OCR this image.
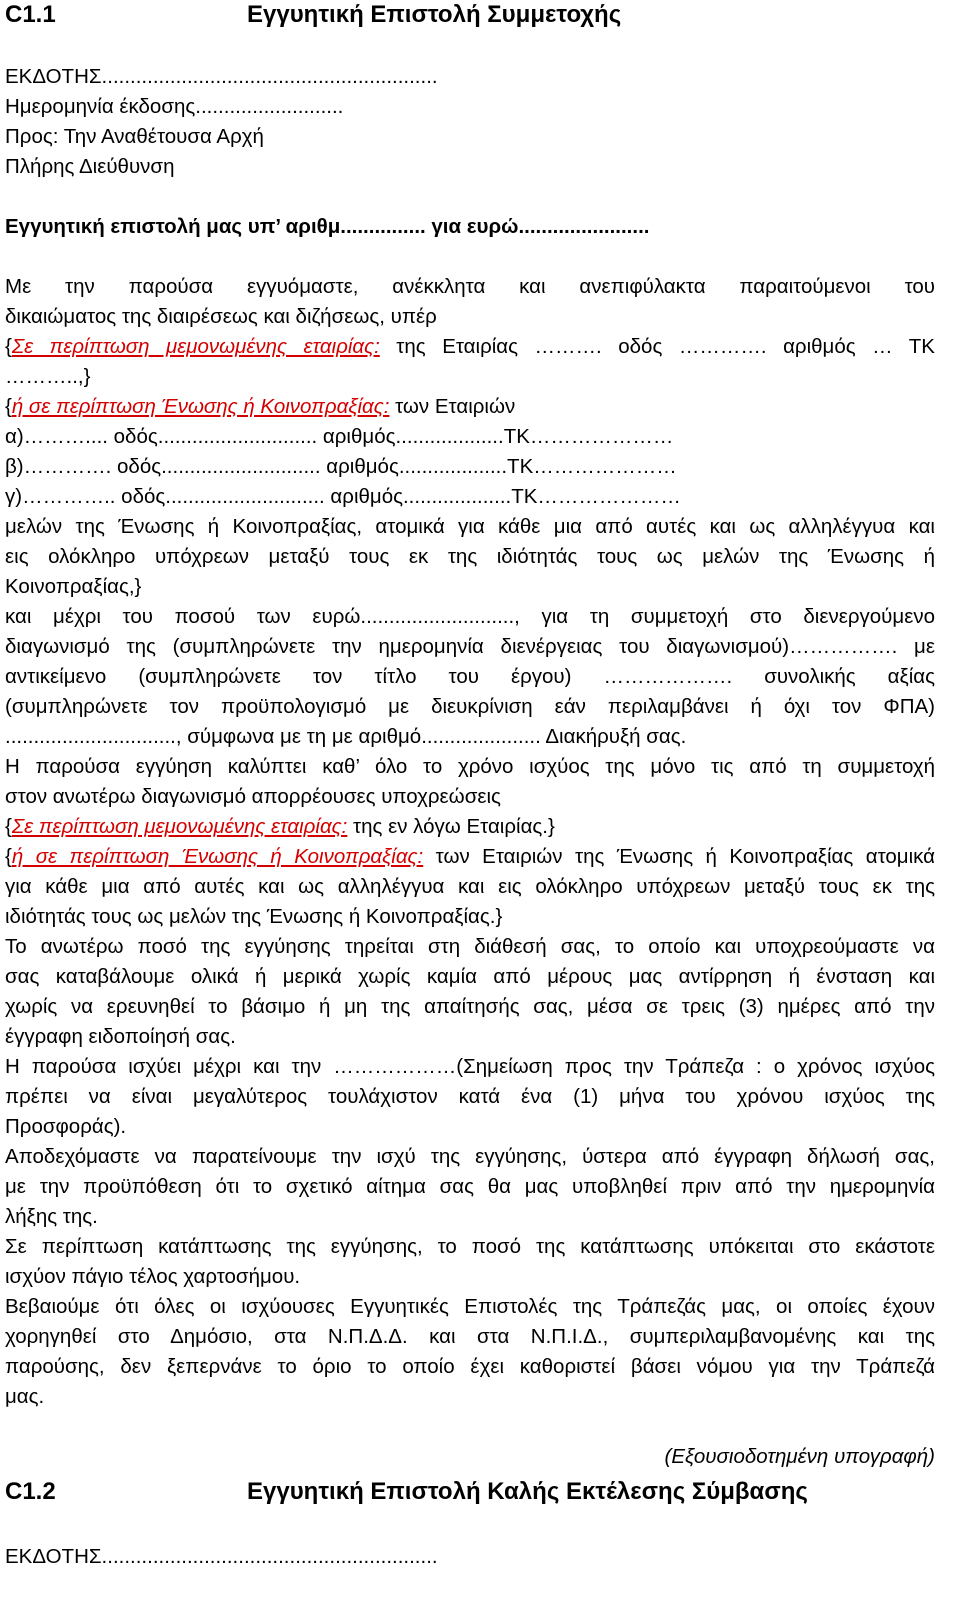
C1.1	Εγγυητική Επιστολή Συμμετοχής
ΕΚΔΟΤΗΣ...........................................................
Ημερομηνία έκδοσης..........................
Προς: Την Αναθέτουσα Αρχή
Πλήρης Διεύθυνση
Εγγυητική επιστολή μας υπ’ αριθμ............... για ευρώ.......................
Με την παρούσα εγγυόμαστε, ανέκκλητα και ανεπιφύλακτα παραιτούμενοι του
δικαιώματος της διαιρέσεως και διζήσεως, υπέρ
{Σε περίπτωση μεμονωμένης εταιρίας: της Εταιρίας ………. οδός …………. αριθμός … ΤΚ
………..,}
{ή σε περίπτωση Ένωσης ή Κοινοπραξίας: των Εταιριών
α)……….... οδός............................ αριθμός...................ΤΚ…………………
β)…………. οδός............................ αριθμός...................ΤΚ…………………
γ)………….. οδός............................ αριθμός...................ΤΚ…………………
μελών της Ένωσης ή Κοινοπραξίας, ατομικά για κάθε μια από αυτές και ως αλληλέγγυα και
εις ολόκληρο υπόχρεων μεταξύ τους εκ της ιδιότητάς τους ως μελών της Ένωσης ή
Κοινοπραξίας,}
και μέχρι του ποσού των ευρώ..........................., για τη συμμετοχή στο διενεργούμενο
διαγωνισμό της (συμπληρώνετε την ημερομηνία διενέργειας του διαγωνισμού)……………. με
αντικείμενο (συμπληρώνετε τον τίτλο του έργου) ………………. συνολικής αξίας
(συμπληρώνετε τον προϋπολογισμό με διευκρίνιση εάν περιλαμβάνει ή όχι τον ΦΠΑ)
.............................., σύμφωνα με τη με αριθμό..................... Διακήρυξή σας.
Η παρούσα εγγύηση καλύπτει καθ’ όλο το χρόνο ισχύος της μόνο τις από τη συμμετοχή
στον ανωτέρω διαγωνισμό απορρέουσες υποχρεώσεις
{Σε περίπτωση μεμονωμένης εταιρίας: της εν λόγω Εταιρίας.}
{ή σε περίπτωση Ένωσης ή Κοινοπραξίας: των Εταιριών της Ένωσης ή Κοινοπραξίας ατομικά
για κάθε μια από αυτές και ως αλληλέγγυα και εις ολόκληρο υπόχρεων μεταξύ τους εκ της
ιδιότητάς τους ως μελών της Ένωσης ή Κοινοπραξίας.}
Το ανωτέρω ποσό της εγγύησης τηρείται στη διάθεσή σας, το οποίο και υποχρεούμαστε να
σας καταβάλουμε ολικά ή μερικά χωρίς καμία από μέρους μας αντίρρηση ή ένσταση και
χωρίς να ερευνηθεί το βάσιμο ή μη της απαίτησής σας, μέσα σε τρεις (3) ημέρες από την
έγγραφη ειδοποίησή σας.
Η παρούσα ισχύει μέχρι και την ………………(Σημείωση προς την Τράπεζα : ο χρόνος ισχύος
πρέπει να είναι μεγαλύτερος τουλάχιστον κατά ένα (1) μήνα του χρόνου ισχύος της
Προσφοράς).
Αποδεχόμαστε να παρατείνουμε την ισχύ της εγγύησης, ύστερα από έγγραφη δήλωσή σας,
με την προϋπόθεση ότι το σχετικό αίτημα σας θα μας υποβληθεί πριν από την ημερομηνία
λήξης της.
Σε περίπτωση κατάπτωσης της εγγύησης, το ποσό της κατάπτωσης υπόκειται στο εκάστοτε
ισχύον πάγιο τέλος χαρτοσήμου.
Βεβαιούμε ότι όλες οι ισχύουσες Εγγυητικές Επιστολές της Τράπεζάς μας, οι οποίες έχουν
χορηγηθεί στο Δημόσιο, στα Ν.Π.Δ.Δ. και στα Ν.Π.Ι.Δ., συμπεριλαμβανομένης και της
παρούσης, δεν ξεπερνάνε το όριο το οποίο έχει καθοριστεί βάσει νόμου για την Τράπεζά
μας.
(Εξουσιοδοτημένη υπογραφή)
C1.2	Εγγυητική Επιστολή Καλής Εκτέλεσης Σύμβασης
ΕΚΔΟΤΗΣ...........................................................
